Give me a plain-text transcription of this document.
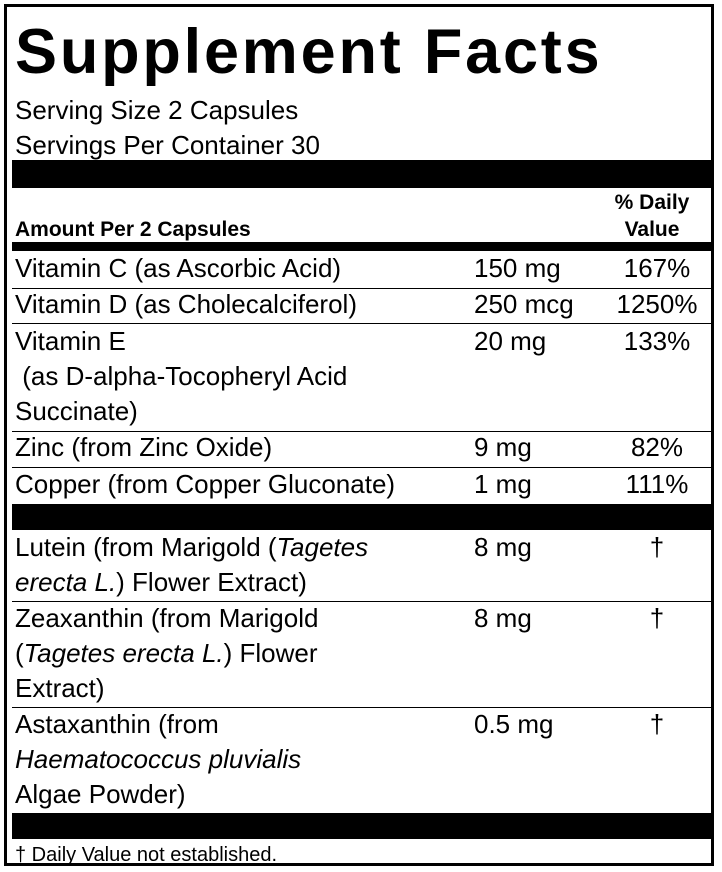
Supplement Facts
Serving Size 2 Capsules
Servings Per Container 30
Amount Per 2 Capsules
% Daily
Value
Vitamin C (as Ascorbic Acid)	150 mg	167%
Vitamin D (as Cholecalciferol)	250 mcg	1250%
Vitamin E
(as D-alpha-Tocopheryl Acid
Succinate)
20 mg	133%
Zinc (from Zinc Oxide)	9 mg	82%
Copper (from Copper Gluconate)	1 mg	111%
Lutein (from Marigold (Tagetes
erecta L.) Flower Extract)
8 mg	†
Zeaxanthin (from Marigold
(Tagetes erecta L.) Flower
Extract)
8 mg	†
Astaxanthin (from
Haematococcus pluvialis
Algae Powder)
0.5 mg	†
† Daily Value not established.
